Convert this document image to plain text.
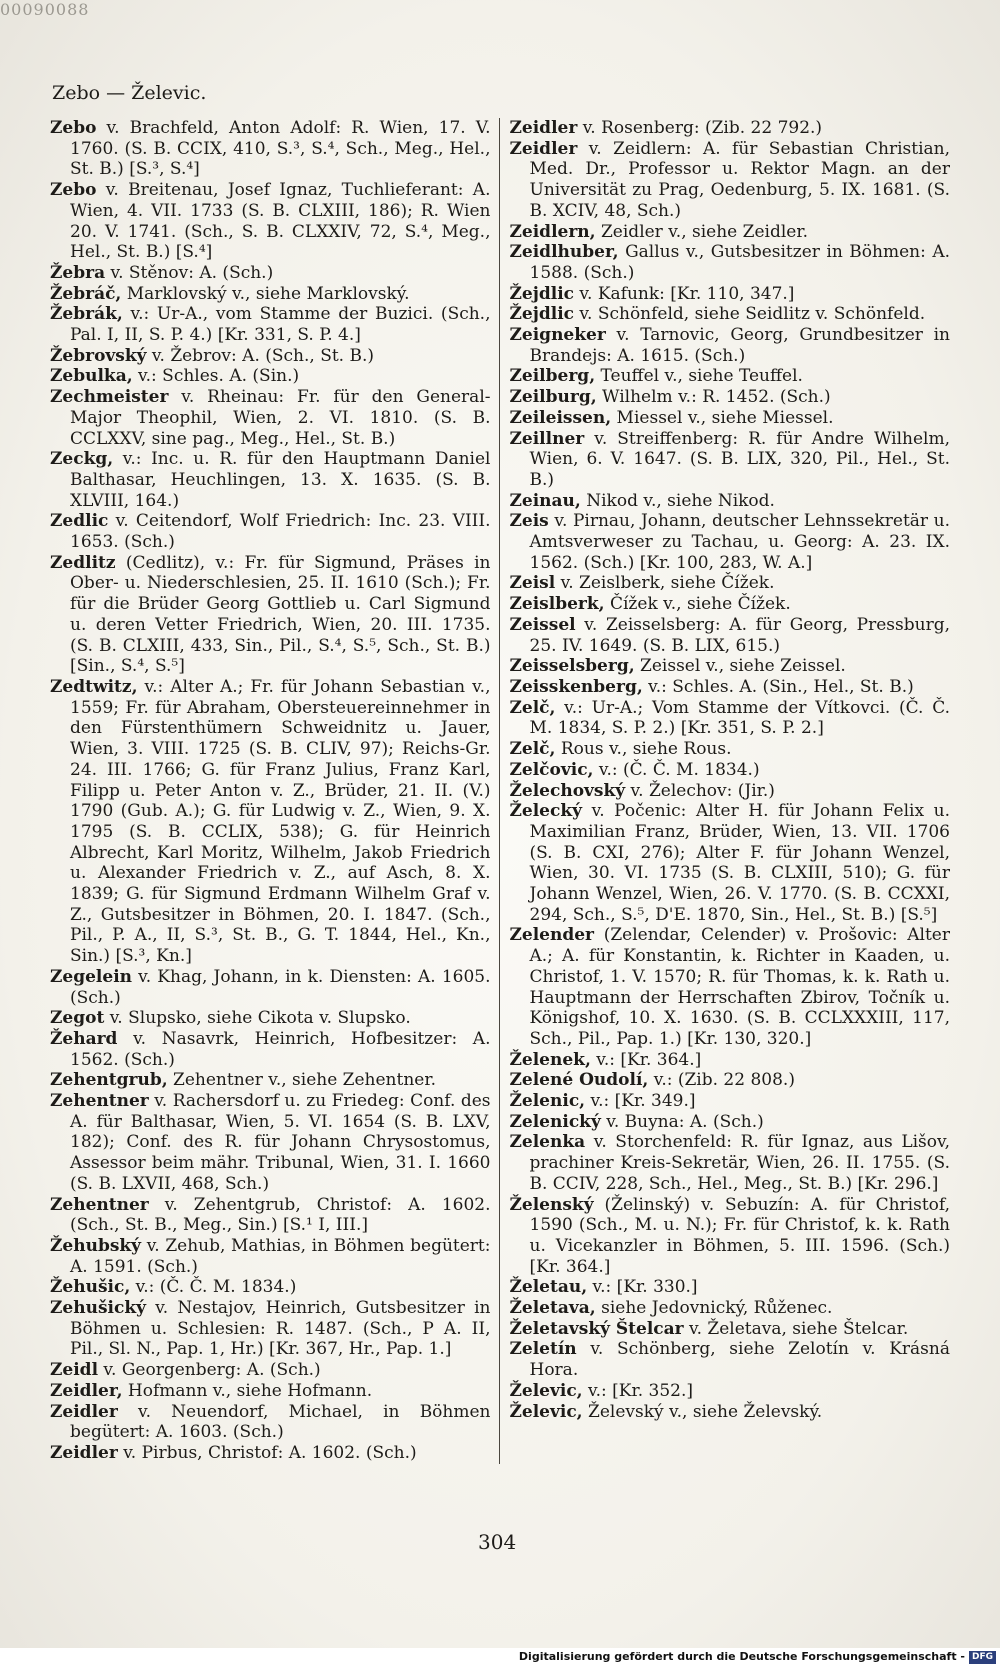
00090088
Zebo — Želevic.

Zebo v. Brachfeld, Anton Adolf: R. Wien, 17. V. 1760. (S. B. CCIX, 410, S.³, S.⁴, Sch., Meg., Hel., St. B.) [S.³, S.⁴]

Zebo v. Breitenau, Josef Ignaz, Tuchlieferant: A. Wien, 4. VII. 1733 (S. B. CLXIII, 186); R. Wien 20. V. 1741. (Sch., S. B. CLXXIV, 72, S.⁴, Meg., Hel., St. B.) [S.⁴]

Žebra v. Stěnov: A. (Sch.)

Žebráč, Marklovský v., siehe Marklovský.

Žebrák, v.: Ur-A., vom Stamme der Buzici. (Sch., Pal. I, II, S. P. 4.) [Kr. 331, S. P. 4.]

Žebrovský v. Žebrov: A. (Sch., St. B.)

Zebulka, v.: Schles. A. (Sin.)

Zechmeister v. Rheinau: Fr. für den General-Major Theophil, Wien, 2. VI. 1810. (S. B. CCLXXV, sine pag., Meg., Hel., St. B.)

Zeckg, v.: Inc. u. R. für den Hauptmann Daniel Balthasar, Heuchlingen, 13. X. 1635. (S. B. XLVIII, 164.)

Zedlic v. Ceitendorf, Wolf Friedrich: Inc. 23. VIII. 1653. (Sch.)

Zedlitz (Cedlitz), v.: Fr. für Sigmund, Präses in Ober- u. Niederschlesien, 25. II. 1610 (Sch.); Fr. für die Brüder Georg Gottlieb u. Carl Sigmund u. deren Vetter Friedrich, Wien, 20. III. 1735. (S. B. CLXIII, 433, Sin., Pil., S.⁴, S.⁵, Sch., St. B.) [Sin., S.⁴, S.⁵]

Zedtwitz, v.: Alter A.; Fr. für Johann Sebastian v., 1559; Fr. für Abraham, Obersteuereinnehmer in den Fürstenthümern Schweidnitz u. Jauer, Wien, 3. VIII. 1725 (S. B. CLIV, 97); Reichs-Gr. 24. III. 1766; G. für Franz Julius, Franz Karl, Filipp u. Peter Anton v. Z., Brüder, 21. II. (V.) 1790 (Gub. A.); G. für Ludwig v. Z., Wien, 9. X. 1795 (S. B. CCLIX, 538); G. für Heinrich Albrecht, Karl Moritz, Wilhelm, Jakob Friedrich u. Alexander Friedrich v. Z., auf Asch, 8. X. 1839; G. für Sigmund Erdmann Wilhelm Graf v. Z., Gutsbesitzer in Böhmen, 20. I. 1847. (Sch., Pil., P. A., II, S.³, St. B., G. T. 1844, Hel., Kn., Sin.) [S.³, Kn.]

Zegelein v. Khag, Johann, in k. Diensten: A. 1605. (Sch.)

Zegot v. Slupsko, siehe Cikota v. Slupsko.

Žehard v. Nasavrk, Heinrich, Hofbesitzer: A. 1562. (Sch.)

Zehentgrub, Zehentner v., siehe Zehentner.

Zehentner v. Rachersdorf u. zu Friedeg: Conf. des A. für Balthasar, Wien, 5. VI. 1654 (S. B. LXV, 182); Conf. des R. für Johann Chrysostomus, Assessor beim mähr. Tribunal, Wien, 31. I. 1660 (S. B. LXVII, 468, Sch.)

Zehentner v. Zehentgrub, Christof: A. 1602. (Sch., St. B., Meg., Sin.) [S.¹ I, III.]

Žehubský v. Zehub, Mathias, in Böhmen begütert: A. 1591. (Sch.)

Žehušic, v.: (Č. Č. M. 1834.)

Zehušický v. Nestajov, Heinrich, Gutsbesitzer in Böhmen u. Schlesien: R. 1487. (Sch., P A. II, Pil., Sl. N., Pap. 1, Hr.) [Kr. 367, Hr., Pap. 1.]

Zeidl v. Georgenberg: A. (Sch.)

Zeidler, Hofmann v., siehe Hofmann.

Zeidler v. Neuendorf, Michael, in Böhmen begütert: A. 1603. (Sch.)

Zeidler v. Pirbus, Christof: A. 1602. (Sch.)

Zeidler v. Rosenberg: (Zib. 22 792.)

Zeidler v. Zeidlern: A. für Sebastian Christian, Med. Dr., Professor u. Rektor Magn. an der Universität zu Prag, Oedenburg, 5. IX. 1681. (S. B. XCIV, 48, Sch.)

Zeidlern, Zeidler v., siehe Zeidler.

Zeidlhuber, Gallus v., Gutsbesitzer in Böhmen: A. 1588. (Sch.)

Žejdlic v. Kafunk: [Kr. 110, 347.]

Žejdlic v. Schönfeld, siehe Seidlitz v. Schönfeld.

Zeigneker v. Tarnovic, Georg, Grundbesitzer in Brandejs: A. 1615. (Sch.)

Zeilberg, Teuffel v., siehe Teuffel.

Zeilburg, Wilhelm v.: R. 1452. (Sch.)

Zeileissen, Miessel v., siehe Miessel.

Zeillner v. Streiffenberg: R. für Andre Wilhelm, Wien, 6. V. 1647. (S. B. LIX, 320, Pil., Hel., St. B.)

Zeinau, Nikod v., siehe Nikod.

Zeis v. Pirnau, Johann, deutscher Lehnssekretär u. Amtsverweser zu Tachau, u. Georg: A. 23. IX. 1562. (Sch.) [Kr. 100, 283, W. A.]

Zeisl v. Zeislberk, siehe Čížek.

Zeislberk, Čížek v., siehe Čížek.

Zeissel v. Zeisselsberg: A. für Georg, Pressburg, 25. IV. 1649. (S. B. LIX, 615.)

Zeisselsberg, Zeissel v., siehe Zeissel.

Zeisskenberg, v.: Schles. A. (Sin., Hel., St. B.)

Zelč, v.: Ur-A.; Vom Stamme der Vítkovci. (Č. Č. M. 1834, S. P. 2.) [Kr. 351, S. P. 2.]

Zelč, Rous v., siehe Rous.

Zelčovic, v.: (Č. Č. M. 1834.)

Želechovský v. Želechov: (Jir.)

Želecký v. Počenic: Alter H. für Johann Felix u. Maximilian Franz, Brüder, Wien, 13. VII. 1706 (S. B. CXI, 276); Alter F. für Johann Wenzel, Wien, 30. VI. 1735 (S. B. CLXIII, 510); G. für Johann Wenzel, Wien, 26. V. 1770. (S. B. CCXXI, 294, Sch., S.⁵, D'E. 1870, Sin., Hel., St. B.) [S.⁵]

Zelender (Zelendar, Celender) v. Prošovic: Alter A.; A. für Konstantin, k. Richter in Kaaden, u. Christof, 1. V. 1570; R. für Thomas, k. k. Rath u. Hauptmann der Herrschaften Zbirov, Točník u. Königshof, 10. X. 1630. (S. B. CCLXXXIII, 117, Sch., Pil., Pap. 1.) [Kr. 130, 320.]

Želenek, v.: [Kr. 364.]

Zelené Oudolí, v.: (Zib. 22 808.)

Želenic, v.: [Kr. 349.]

Zelenický v. Buyna: A. (Sch.)

Zelenka v. Storchenfeld: R. für Ignaz, aus Lišov, prachiner Kreis-Sekretär, Wien, 26. II. 1755. (S. B. CCIV, 228, Sch., Hel., Meg., St. B.) [Kr. 296.]

Želenský (Želinský) v. Sebuzín: A. für Christof, 1590 (Sch., M. u. N.); Fr. für Christof, k. k. Rath u. Vicekanzler in Böhmen, 5. III. 1596. (Sch.) [Kr. 364.]

Želetau, v.: [Kr. 330.]

Želetava, siehe Jedovnický, Růženec.

Želetavský Štelcar v. Želetava, siehe Štelcar.

Zeletín v. Schönberg, siehe Zelotín v. Krásná Hora.

Želevic, v.: [Kr. 352.]

Želevic, Želevský v., siehe Želevský.

304
Digitalisierung gefördert durch die Deutsche Forschungsgemeinschaft - DFG
